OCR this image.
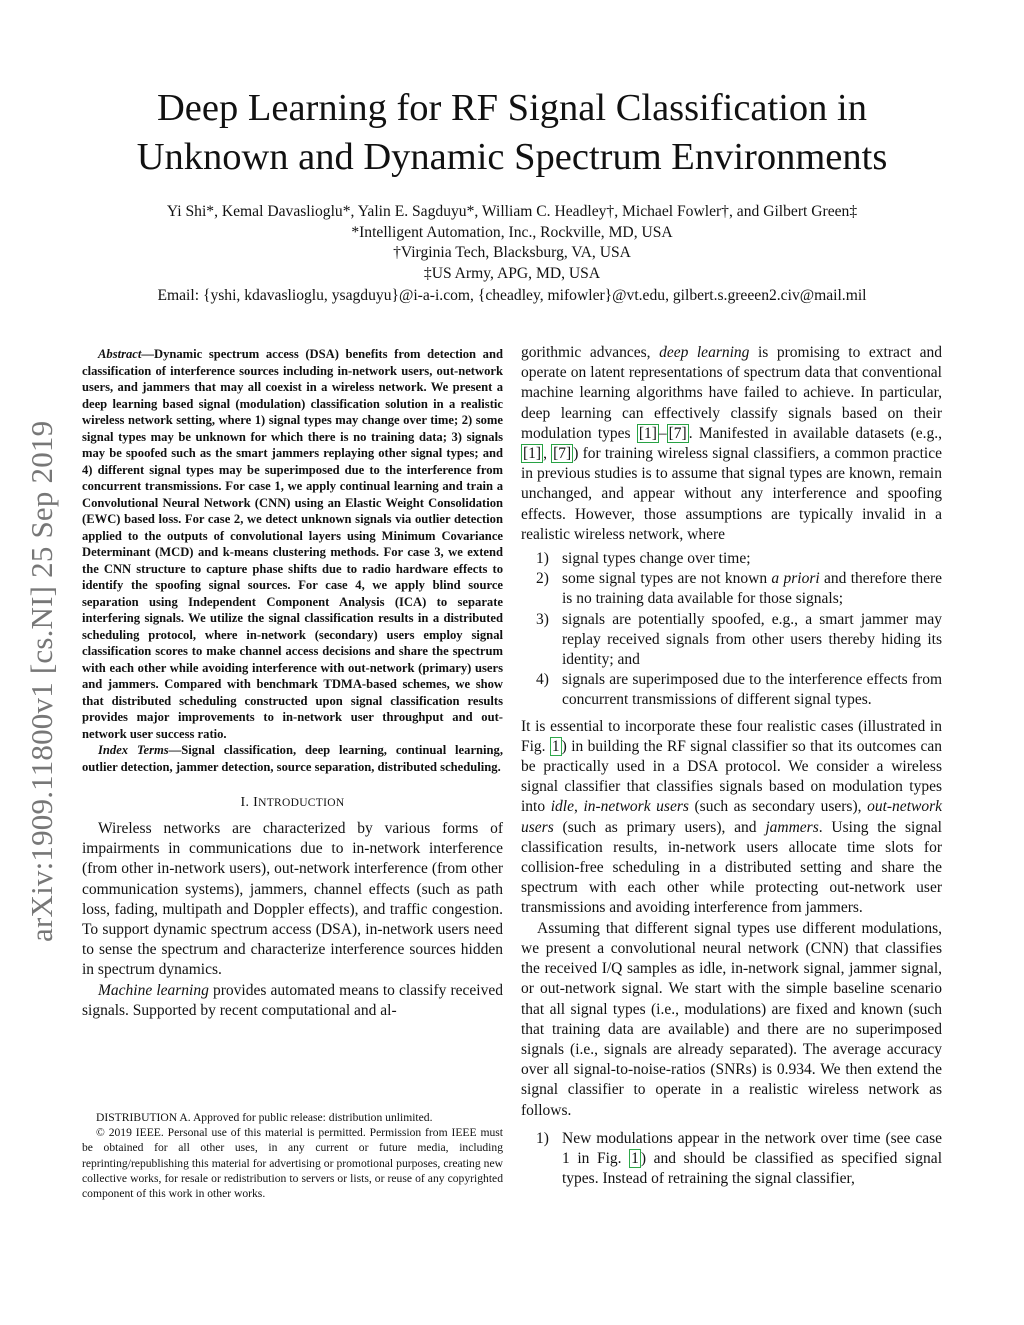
arXiv:1909.11800v1 [cs.NI] 25 Sep 2019
Deep Learning for RF Signal Classification in
Unknown and Dynamic Spectrum Environments
Yi Shi*, Kemal Davaslioglu*, Yalin E. Sagduyu*, William C. Headley†, Michael Fowler†, and Gilbert Green‡
*Intelligent Automation, Inc., Rockville, MD, USA
†Virginia Tech, Blacksburg, VA, USA
‡US Army, APG, MD, USA
Email: {yshi, kdavaslioglu, ysagduyu}@i-a-i.com, {cheadley, mifowler}@vt.edu, gilbert.s.greeen2.civ@mail.mil

Abstract—Dynamic spectrum access (DSA) benefits from detection and classification of interference sources including in-network users, out-network users, and jammers that may all coexist in a wireless network. We present a deep learning based signal (modulation) classification solution in a realistic wireless network setting, where 1) signal types may change over time; 2) some signal types may be unknown for which there is no training data; 3) signals may be spoofed such as the smart jammers replaying other signal types; and 4) different signal types may be superimposed due to the interference from concurrent transmissions. For case 1, we apply continual learning and train a Convolutional Neural Network (CNN) using an Elastic Weight Consolidation (EWC) based loss. For case 2, we detect unknown signals via outlier detection applied to the outputs of convolutional layers using Minimum Covariance Determinant (MCD) and k-means clustering methods. For case 3, we extend the CNN structure to capture phase shifts due to radio hardware effects to identify the spoofing signal sources. For case 4, we apply blind source separation using Independent Component Analysis (ICA) to separate interfering signals. We utilize the signal classification results in a distributed scheduling protocol, where in-network (secondary) users employ signal classification scores to make channel access decisions and share the spectrum with each other while avoiding interference with out-network (primary) users and jammers. Compared with benchmark TDMA-based schemes, we show that distributed scheduling constructed upon signal classification results provides major improvements to in-network user throughput and out-network user success ratio.

Index Terms—Signal classification, deep learning, continual learning, outlier detection, jammer detection, source separation, distributed scheduling.

I. INTRODUCTION

Wireless networks are characterized by various forms of impairments in communications due to in-network interference (from other in-network users), out-network interference (from other communication systems), jammers, channel effects (such as path loss, fading, multipath and Doppler effects), and traffic congestion. To support dynamic spectrum access (DSA), in-network users need to sense the spectrum and characterize interference sources hidden in spectrum dynamics.

Machine learning provides automated means to classify received signals. Supported by recent computational and al-

DISTRIBUTION A. Approved for public release: distribution unlimited.

© 2019 IEEE. Personal use of this material is permitted. Permission from IEEE must be obtained for all other uses, in any current or future media, including reprinting/republishing this material for advertising or promotional purposes, creating new collective works, for resale or redistribution to servers or lists, or reuse of any copyrighted component of this work in other works.

gorithmic advances, deep learning is promising to extract and operate on latent representations of spectrum data that conventional machine learning algorithms have failed to achieve. In particular, deep learning can effectively classify signals based on their modulation types [1] – [7] . Manifested in available datasets (e.g., [1] , [7] ) for training wireless signal classifiers, a common practice in previous studies is to assume that signal types are known, remain unchanged, and appear without any interference and spoofing effects. However, those assumptions are typically invalid in a realistic wireless network, where

1) signal types change over time;
2) some signal types are not known a priori and therefore there is no training data available for those signals;
3) signals are potentially spoofed, e.g., a smart jammer may replay received signals from other users thereby hiding its identity; and
4) signals are superimposed due to the interference effects from concurrent transmissions of different signal types.

It is essential to incorporate these four realistic cases (illustrated in Fig. 1 ) in building the RF signal classifier so that its outcomes can be practically used in a DSA protocol. We consider a wireless signal classifier that classifies signals based on modulation types into idle, in-network users (such as secondary users), out-network users (such as primary users), and jammers. Using the signal classification results, in-network users allocate time slots for collision-free scheduling in a distributed setting and share the spectrum with each other while protecting out-network user transmissions and avoiding interference from jammers.

Assuming that different signal types use different modulations, we present a convolutional neural network (CNN) that classifies the received I/Q samples as idle, in-network signal, jammer signal, or out-network signal. We start with the simple baseline scenario that all signal types (i.e., modulations) are fixed and known (such that training data are available) and there are no superimposed signals (i.e., signals are already separated). The average accuracy over all signal-to-noise-ratios (SNRs) is 0.934. We then extend the signal classifier to operate in a realistic wireless network as follows.

1) New modulations appear in the network over time (see case 1 in Fig. 1 ) and should be classified as specified signal types. Instead of retraining the signal classifier,
